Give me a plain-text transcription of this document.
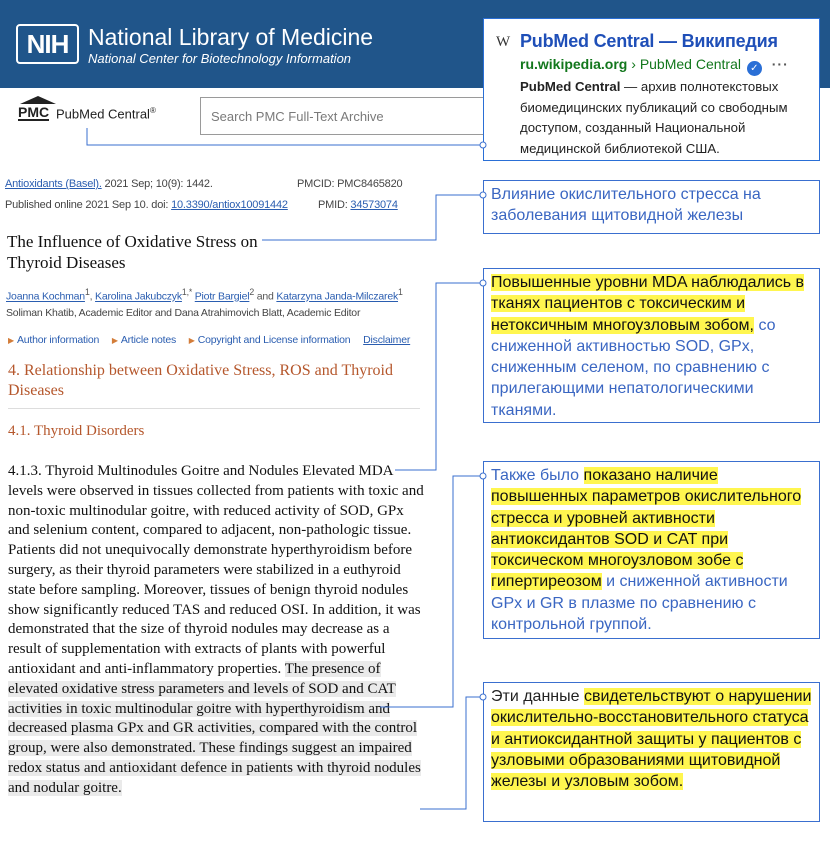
NIH National Library of Medicine
National Center for Biotechnology Information
PMC PubMed Central®
Search PMC Full-Text Archive
Antioxidants (Basel). 2021 Sep; 10(9): 1442.	PMCID: PMC8465820
Published online 2021 Sep 10. doi: 10.3390/antiox10091442	PMID: 34573074
The Influence of Oxidative Stress on Thyroid Diseases
Joanna Kochman$^1$, Karolina Jakubczyk$^{1,*}$ Piotr Bargiel$^2$ and Katarzyna Janda-Milczarek$^1$
Soliman Khatib, Academic Editor and Dana Atrahimovich Blatt, Academic Editor
▶ Author information ▶ Article notes ▶ Copyright and License information Disclaimer
4. Relationship between Oxidative Stress, ROS and Thyroid Diseases
4.1. Thyroid Disorders
4.1.3. Thyroid Multinodules Goitre and Nodules Elevated MDA levels were observed in tissues collected from patients with toxic and non-toxic multinodular goitre, with reduced activity of SOD, GPx and selenium content, compared to adjacent, non-pathologic tissue. Patients did not unequivocally demonstrate hyperthyroidism before surgery, as their thyroid parameters were stabilized in a euthyroid state before sampling. Moreover, tissues of benign thyroid nodules show significantly reduced TAS and reduced OSI. In addition, it was demonstrated that the size of thyroid nodules may decrease as a result of supplementation with extracts of plants with powerful antioxidant and anti-inflammatory properties. The presence of elevated oxidative stress parameters and levels of SOD and CAT activities in toxic multinodular goitre with hyperthyroidism and decreased plasma GPx and GR activities, compared with the control group, were also demonstrated. These findings suggest an impaired redox status and antioxidant defence in patients with thyroid nodules and nodular goitre.
W PubMed Central — Википедия
ru.wikipedia.org › PubMed Central ✓ ···
PubMed Central — архив полнотекстовых биомедицинских публикаций со свободным доступом, созданный Национальной медицинской библиотекой США.
Влияние окислительного стресса на заболевания щитовидной железы
Повышенные уровни MDA наблюдались в тканях пациентов с токсическим и нетоксичным многоузловым зобом, со сниженной активностью SOD, GPx, сниженным селеном, по сравнению с прилегающими непатологическими тканями.
Также было показано наличие повышенных параметров окислительного стресса и уровней активности антиоксидантов SOD и CAT при токсическом многоузловом зобе с гипертиреозом и сниженной активности GPx и GR в плазме по сравнению с контрольной группой.
Эти данные свидетельствуют о нарушении окислительно-восстановительного статуса и антиоксидантной защиты у пациентов с узловыми образованиями щитовидной железы и узловым зобом.
